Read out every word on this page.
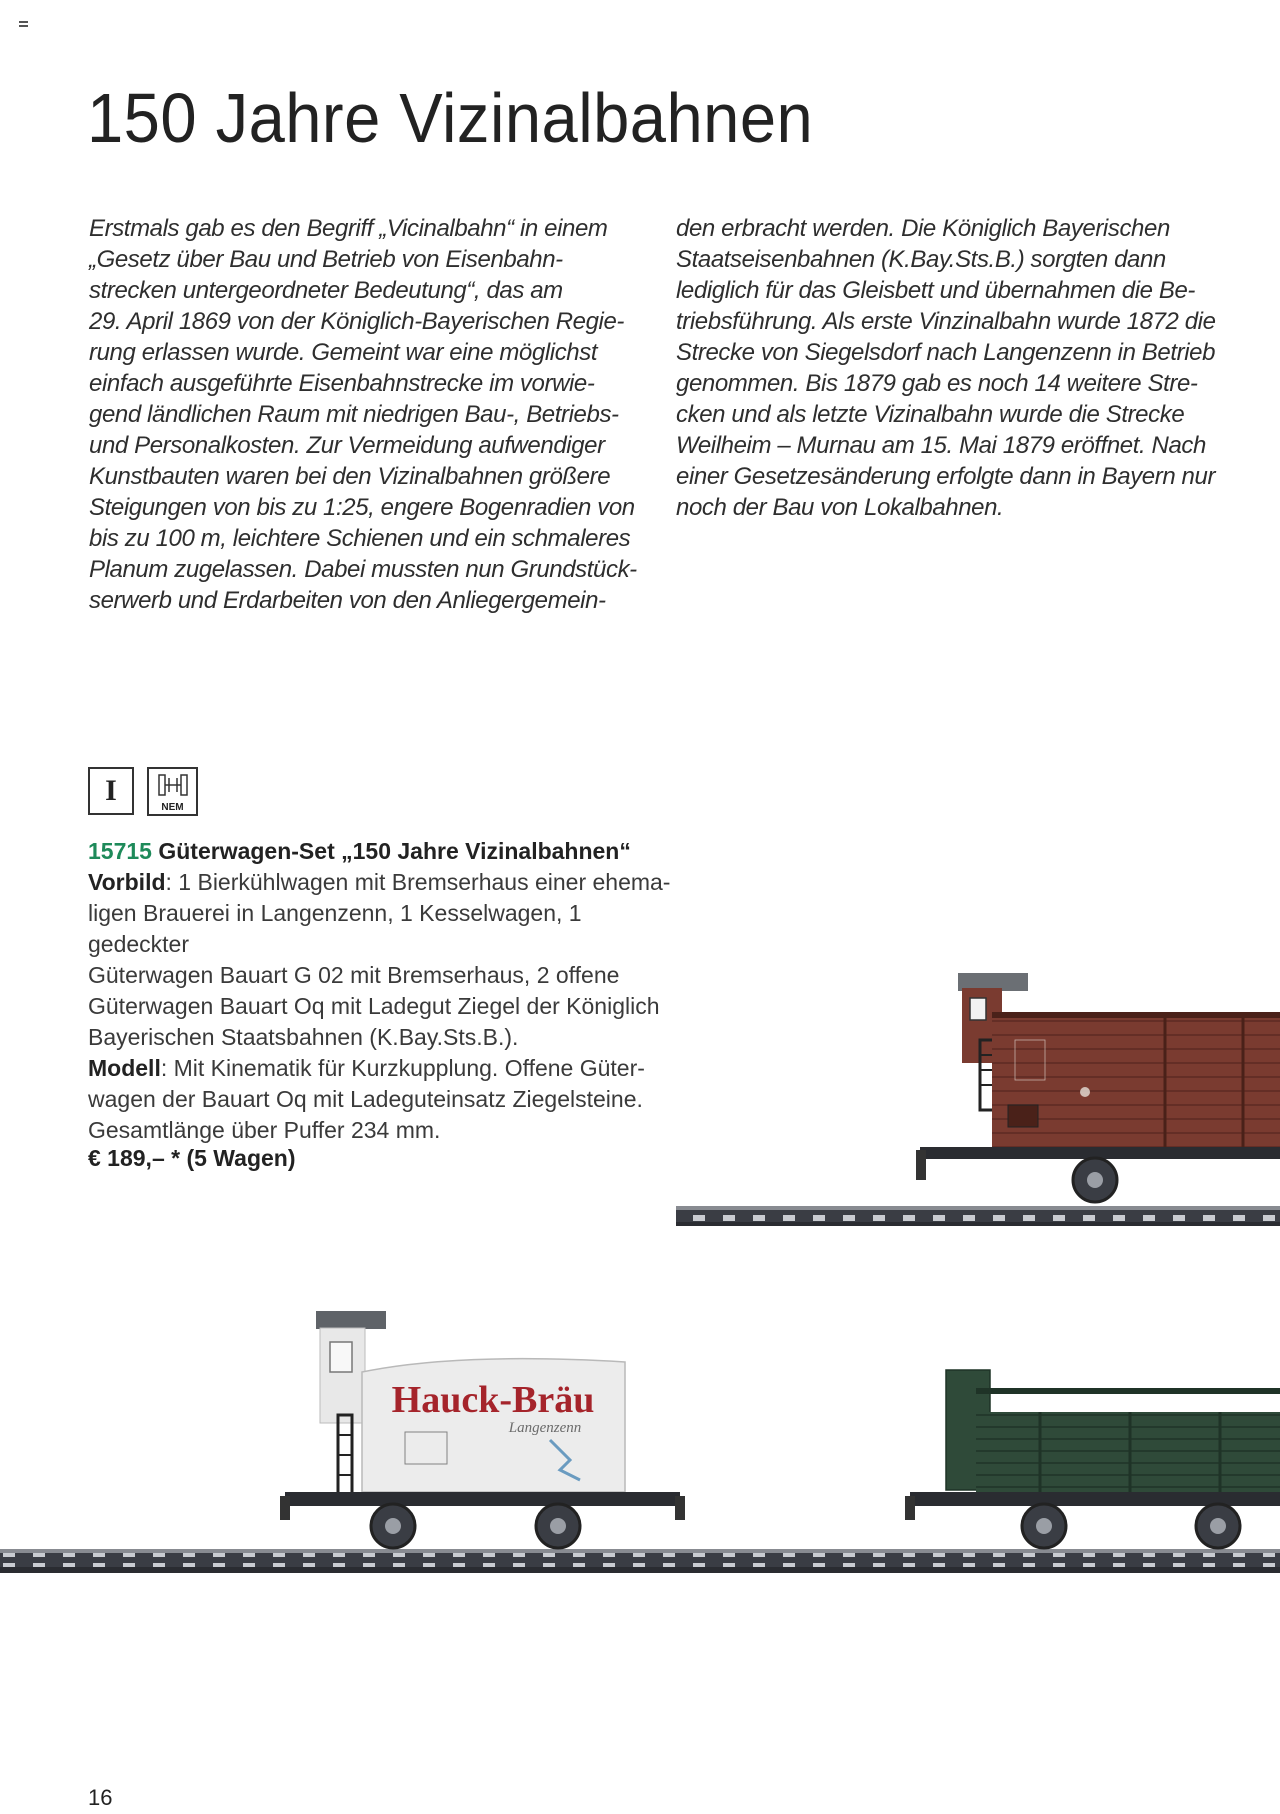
150 Jahre Vizinalbahnen

Erstmals gab es den Begriff „Vicinalbahn“ in einem
„Gesetz über Bau und Betrieb von Eisenbahn-
strecken untergeordneter Bedeutung“, das am
29. April 1869 von der Königlich-Bayerischen Regie-
rung erlassen wurde. Gemeint war eine möglichst
einfach ausgeführte Eisenbahnstrecke im vorwie-
gend ländlichen Raum mit niedrigen Bau-, Betriebs-
und Personalkosten. Zur Vermeidung aufwendiger
Kunstbauten waren bei den Vizinalbahnen größere
Steigungen von bis zu 1:25, engere Bogenradien von
bis zu 100 m, leichtere Schienen und ein schmaleres
Planum zugelassen. Dabei mussten nun Grundstück-
serwerb und Erdarbeiten von den Anliegergemein-

den erbracht werden. Die Königlich Bayerischen
Staatseisenbahnen (K.Bay.Sts.B.) sorgten dann
lediglich für das Gleisbett und übernahmen die Be-
triebsführung. Als erste Vinzinalbahn wurde 1872 die
Strecke von Siegelsdorf nach Langenzenn in Betrieb
genommen. Bis 1879 gab es noch 14 weitere Stre-
cken und als letzte Vizinalbahn wurde die Strecke
Weilheim – Murnau am 15. Mai 1879 eröffnet. Nach
einer Gesetzesänderung erfolgte dann in Bayern nur
noch der Bau von Lokalbahnen.

I
NEM
15715 Güterwagen-Set „150 Jahre Vizinalbahnen“
Vorbild: 1 Bierkühlwagen mit Bremserhaus einer ehema-
ligen Brauerei in Langenzenn, 1 Kesselwagen, 1 gedeckter
Güterwagen Bauart G 02 mit Bremserhaus, 2 offene
Güterwagen Bauart Oq mit Ladegut Ziegel der Königlich
Bayerischen Staatsbahnen (K.Bay.Sts.B.).
Modell: Mit Kinematik für Kurzkupplung. Offene Güter-
wagen der Bauart Oq mit Ladeguteinsatz Ziegelsteine.
Gesamtlänge über Puffer 234 mm.
€ 189,– * (5 Wagen)
Hauck-Bräu
Langenzenn
16
